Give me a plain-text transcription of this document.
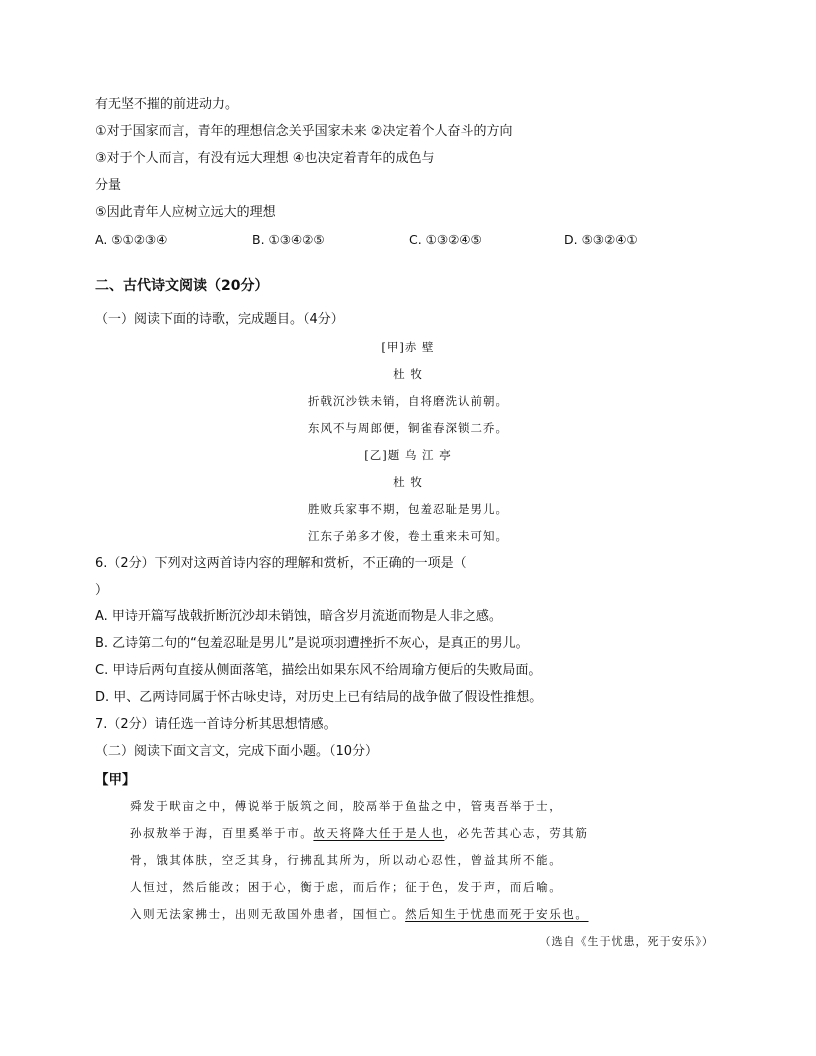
有无坚不摧的前进动力。
①对于国家而言，青年的理想信念关乎国家未来 ②决定着个人奋斗的方向
③对于个人而言，有没有远大理想 ④也决定着青年的成色与
分量
⑤因此青年人应树立远大的理想
A. ⑤①②③④	B. ①③④②⑤	C. ①③②④⑤	D. ⑤③②④①
二、古代诗文阅读（20分）
（一）阅读下面的诗歌，完成题目。（4分）
[甲]赤 壁
杜 牧
折戟沉沙铁未销，自将磨洗认前朝。
东风不与周郎便，铜雀春深锁二乔。
[乙]题 乌 江 亭
杜 牧
胜败兵家事不期，包羞忍耻是男儿。
江东子弟多才俊，卷土重来未可知。
6.（2分）下列对这两首诗内容的理解和赏析，不正确的一项是（
）
A. 甲诗开篇写战戟折断沉沙却未销蚀，暗含岁月流逝而物是人非之感。
B. 乙诗第二句的“包羞忍耻是男儿”是说项羽遭挫折不灰心，是真正的男儿。
C. 甲诗后两句直接从侧面落笔，描绘出如果东风不给周瑜方便后的失败局面。
D. 甲、乙两诗同属于怀古咏史诗，对历史上已有结局的战争做了假设性推想。
7.（2分）请任选一首诗分析其思想情感。
（二）阅读下面文言文，完成下面小题。（10分）
【甲】
舜发于畎亩之中，傅说举于版筑之间，胶鬲举于鱼盐之中，管夷吾举于士，
孙叔敖举于海，百里奚举于市。故天将降大任于是人也，必先苦其心志，劳其筋
骨，饿其体肤，空乏其身，行拂乱其所为，所以动心忍性，曾益其所不能。
人恒过，然后能改；困于心，衡于虑，而后作；征于色，发于声，而后喻。
入则无法家拂士，出则无敌国外患者，国恒亡。然后知生于忧患而死于安乐也。
（选自《生于忧患，死于安乐》）
